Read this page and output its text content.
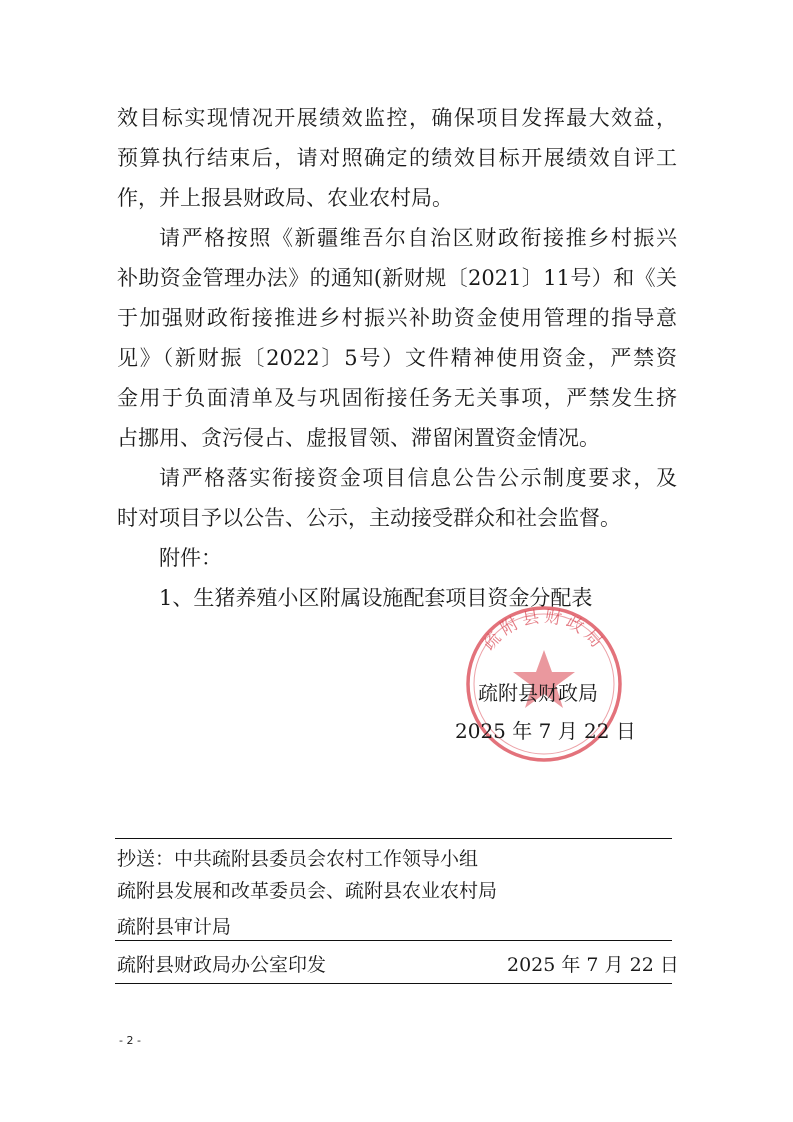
效目标实现情况开展绩效监控，确保项目发挥最大效益，
预算执行结束后，请对照确定的绩效目标开展绩效自评工
作，并上报县财政局、农业农村局。
请严格按照《新疆维吾尔自治区财政衔接推乡村振兴
补助资金管理办法》的通知(新财规〔2021〕11号）和《关
于加强财政衔接推进乡村振兴补助资金使用管理的指导意
见》（新财振〔2022〕5号）文件精神使用资金，严禁资
金用于负面清单及与巩固衔接任务无关事项，严禁发生挤
占挪用、贪污侵占、虚报冒领、滞留闲置资金情况。
请严格落实衔接资金项目信息公告公示制度要求，及
时对项目予以公告、公示，主动接受群众和社会监督。
附件：
1、生猪养殖小区附属设施配套项目资金分配表
疏附县财政局
疏附县财政局
2025 年 7 月 22 日
抄送：中共疏附县委员会农村工作领导小组
疏附县发展和改革委员会、疏附县农业农村局
疏附县审计局
疏附县财政局办公室印发	2025 年 7 月 22 日
- 2 -
